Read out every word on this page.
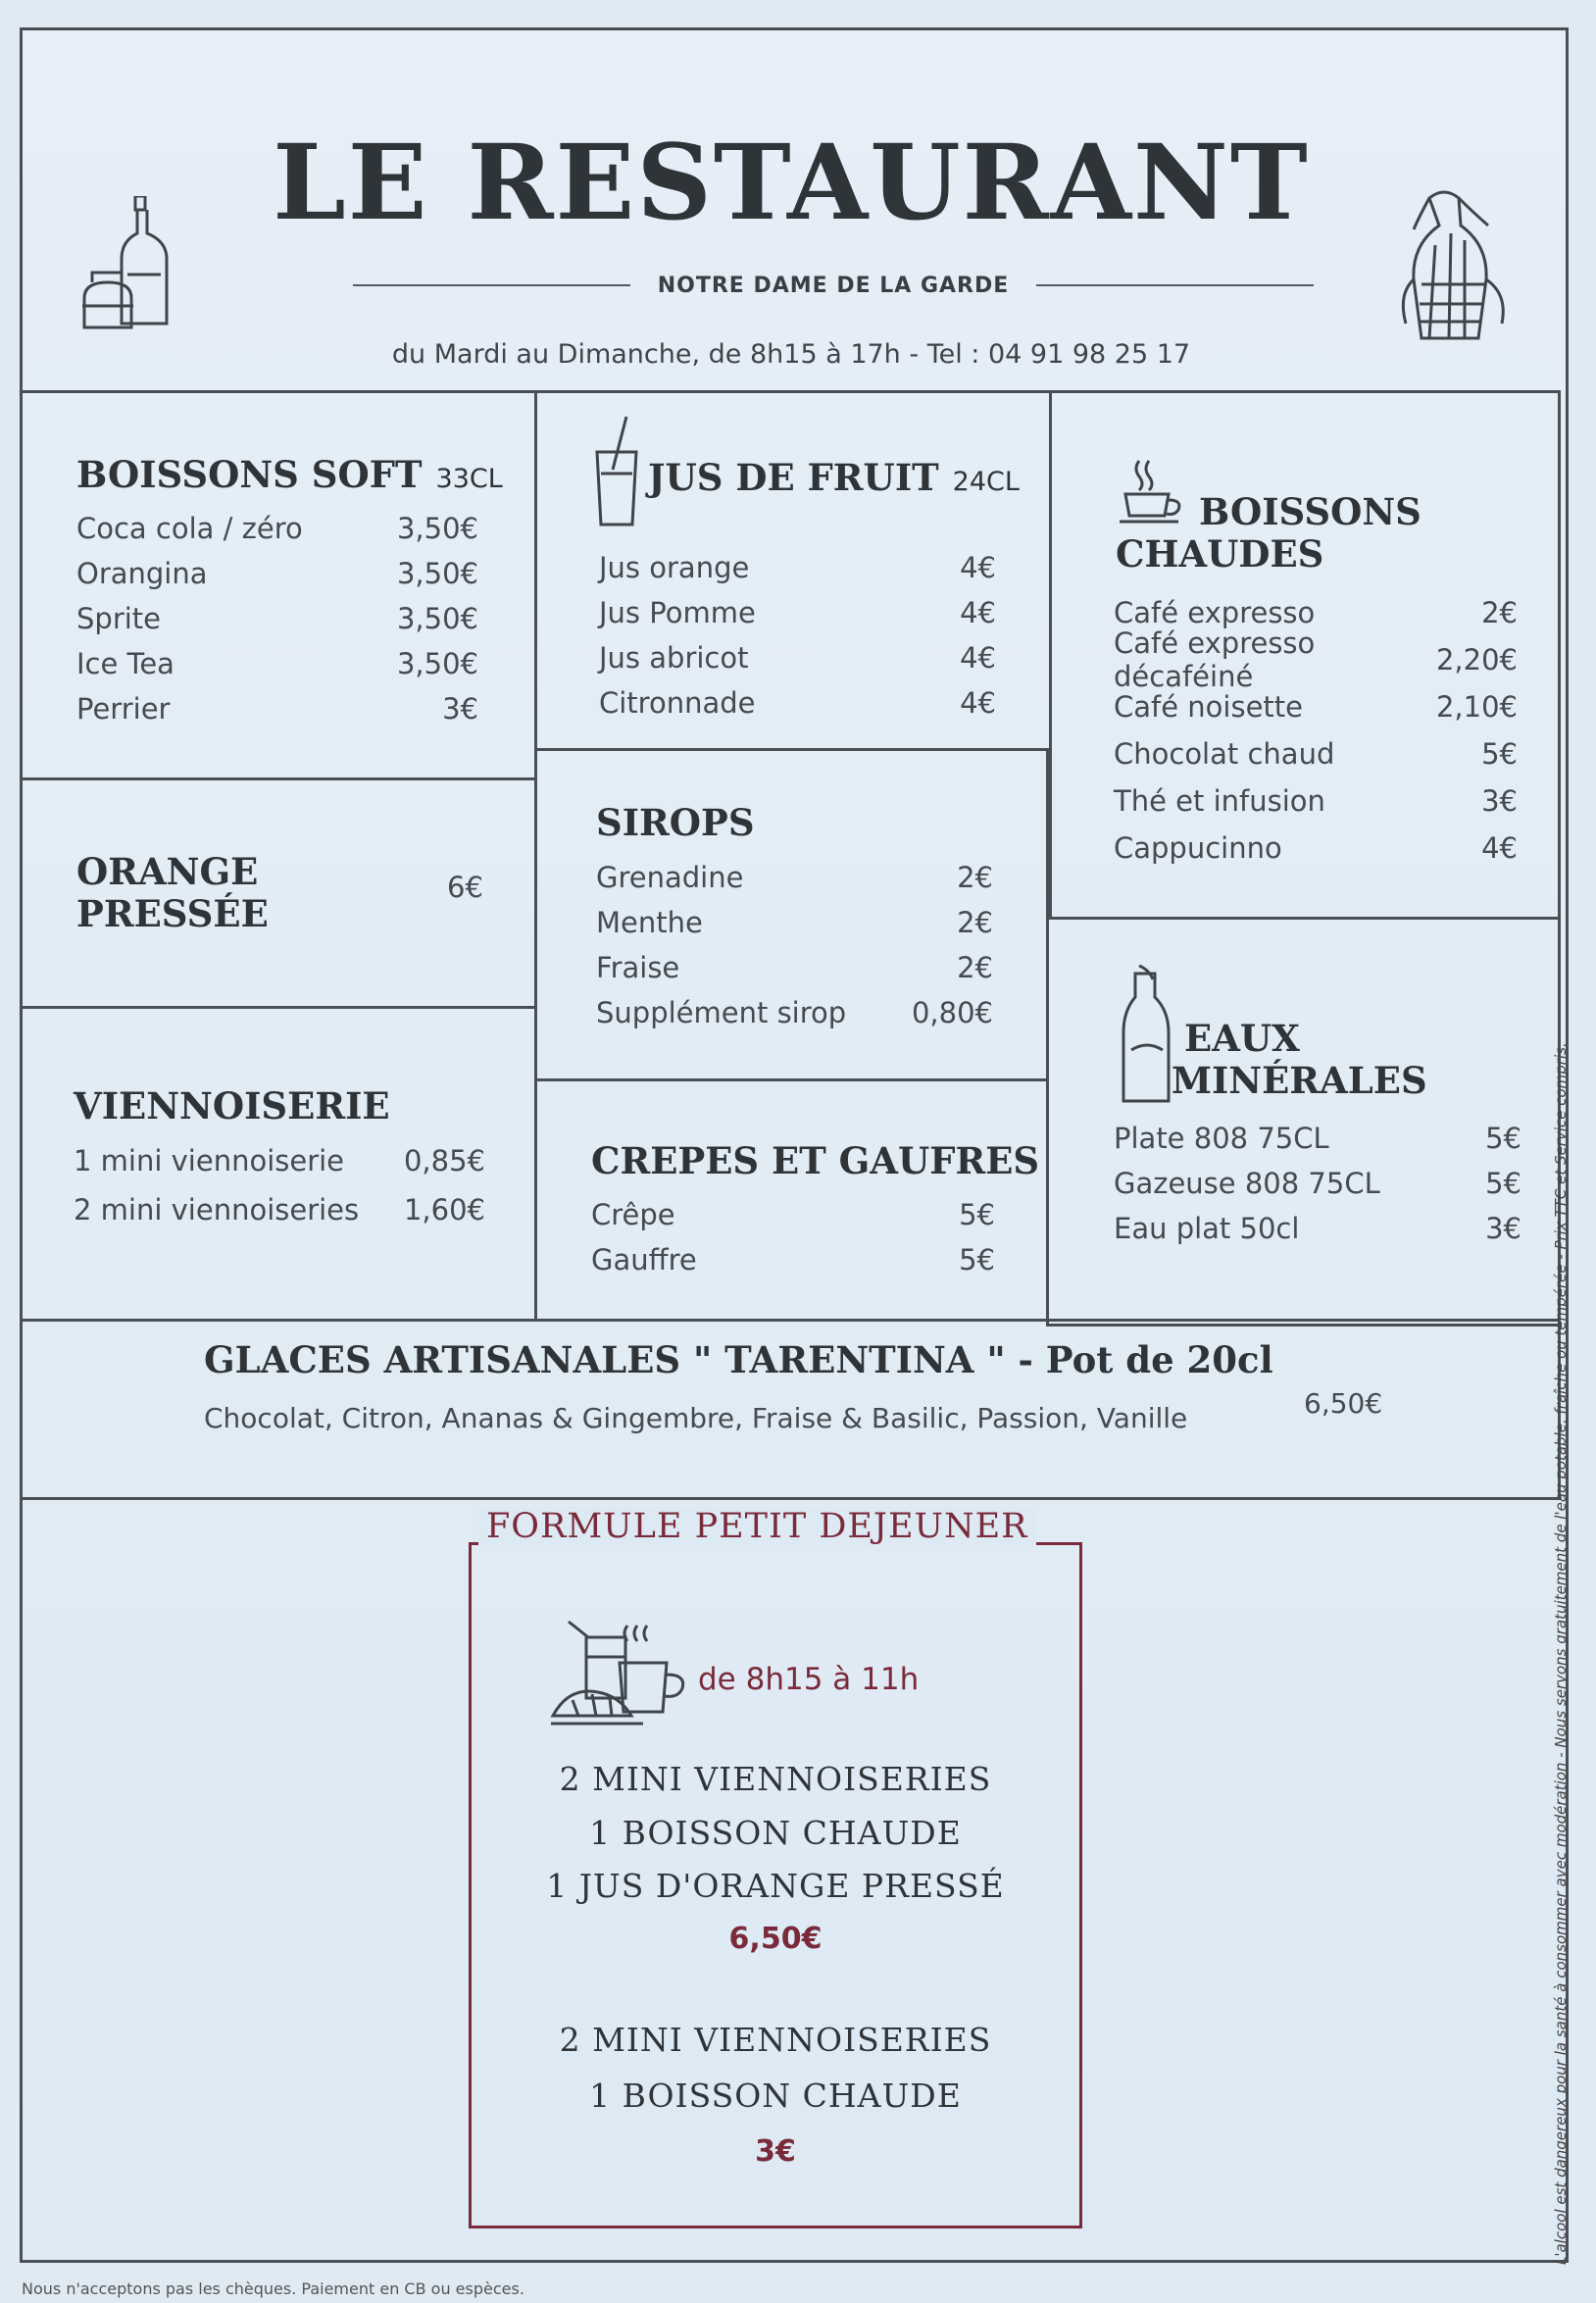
LE RESTAURANT
NOTRE DAME DE LA GARDE
du Mardi au Dimanche, de 8h15 à 17h - Tel : 04 91 98 25 17
BOISSONS SOFT 33CL
Coca cola / zéro	3,50€
Orangina	3,50€
Sprite	3,50€
Ice Tea	3,50€
Perrier	3€
JUS DE FRUIT 24CL
Jus orange	4€
Jus Pomme	4€
Jus abricot	4€
Citronnade	4€
BOISSONS
CHAUDES
Café expresso	2€
Café expresso décaféiné	2,20€
Café noisette	2,10€
Chocolat chaud	5€
Thé et infusion	3€
Cappucinno	4€
ORANGE
PRESSÉE
6€
SIROPS
Grenadine	2€
Menthe	2€
Fraise	2€
Supplément sirop 0,80€
EAUX
MINÉRALES
Plate 808 75CL	5€
Gazeuse 808 75CL	5€
Eau plat 50cl	3€
VIENNOISERIE
1 mini viennoiserie 0,85€
2 mini viennoiseries 1,60€
CREPES ET GAUFRES
Crêpe	5€
Gauffre	5€
GLACES ARTISANALES " TARENTINA " - Pot de 20cl
Chocolat, Citron, Ananas & Gingembre, Fraise & Basilic, Passion, Vanille	6,50€
FORMULE PETIT DEJEUNER
de 8h15 à 11h
2 MINI VIENNOISERIES
1 BOISSON CHAUDE
1 JUS D'ORANGE PRESSÉ
6,50€
2 MINI VIENNOISERIES
1 BOISSON CHAUDE
3€	L'alcool est dangereux pour la santé à consommer avec modération - Nous servons gratuitement de l'eau potable, fraîche ou tempérée - Prix TTC et Service compris.
Nous n'acceptons pas les chèques. Paiement en CB ou espèces.
